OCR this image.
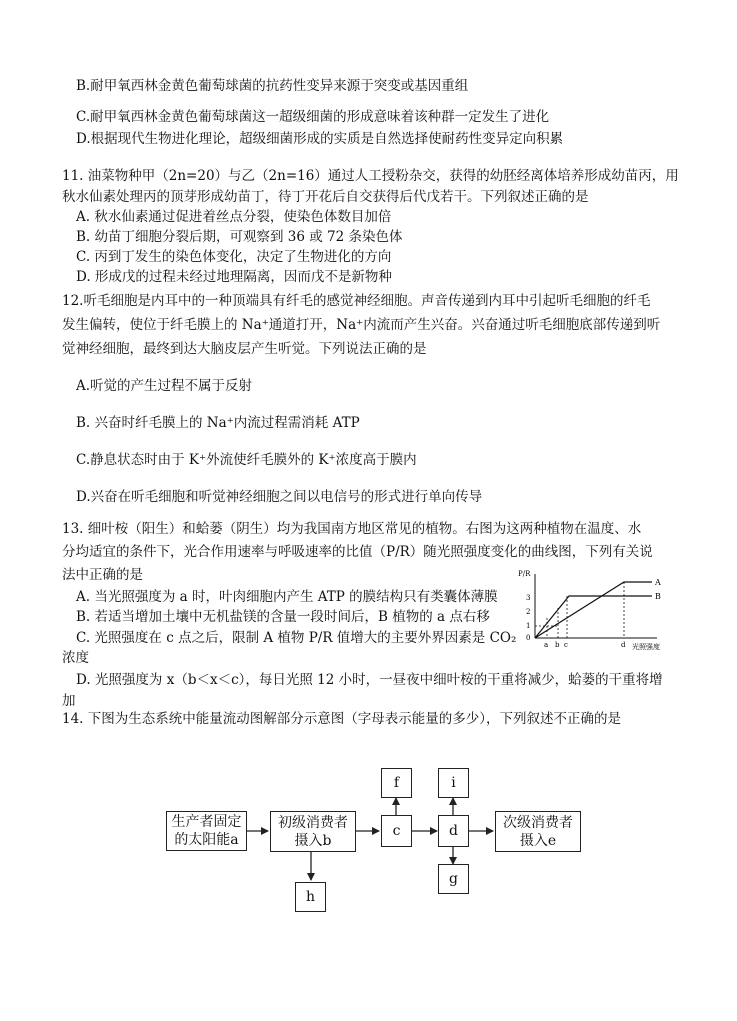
B.耐甲氧西林金黄色葡萄球菌的抗药性变异来源于突变或基因重组
C.耐甲氧西林金黄色葡萄球菌这一超级细菌的形成意味着该种群一定发生了进化
D.根据现代生物进化理论，超级细菌形成的实质是自然选择使耐药性变异定向积累
11. 油菜物种甲（2n=20）与乙（2n=16）通过人工授粉杂交，获得的幼胚经离体培养形成幼苗丙，用
秋水仙素处理丙的顶芽形成幼苗丁，待丁开花后自交获得后代戊若干。下列叙述正确的是
A. 秋水仙素通过促进着丝点分裂，使染色体数目加倍
B. 幼苗丁细胞分裂后期，可观察到 36 或 72 条染色体
C. 丙到丁发生的染色体变化，决定了生物进化的方向
D. 形成戊的过程未经过地理隔离，因而戊不是新物种
12.听毛细胞是内耳中的一种顶端具有纤毛的感觉神经细胞。声音传递到内耳中引起听毛细胞的纤毛
发生偏转，使位于纤毛膜上的 Na⁺通道打开，Na⁺内流而产生兴奋。兴奋通过听毛细胞底部传递到听
觉神经细胞，最终到达大脑皮层产生听觉。下列说法正确的是
A.听觉的产生过程不属于反射
B. 兴奋时纤毛膜上的 Na⁺内流过程需消耗 ATP
C.静息状态时由于 K⁺外流使纤毛膜外的 K⁺浓度高于膜内
D.兴奋在听毛细胞和听觉神经细胞之间以电信号的形式进行单向传导
13. 细叶桉（阳生）和蛤蒌（阴生）均为我国南方地区常见的植物。右图为这两种植物在温度、水
分均适宜的条件下，光合作用速率与呼吸速率的比值（P/R）随光照强度变化的曲线图，下列有关说
法中正确的是
A. 当光照强度为 a 时，叶肉细胞内产生 ATP 的膜结构只有类囊体薄膜
B. 若适当增加土壤中无机盐镁的含量一段时间后，B 植物的 a 点右移
C. 光照强度在 c 点之后，限制 A 植物 P/R 值增大的主要外界因素是 CO₂
浓度
D. 光照强度为 x（b＜x＜c），每日光照 12 小时，一昼夜中细叶桉的干重将减少，蛤蒌的干重将增
加
14. 下图为生态系统中能量流动图解部分示意图（字母表示能量的多少），下列叙述不正确的是
P/R
0
1
2
3
A
B
a b c	d 光照强度
生产者固定的太阳能a
初级消费者摄入b
c	d
次级消费者摄入e
f	i
g
h
